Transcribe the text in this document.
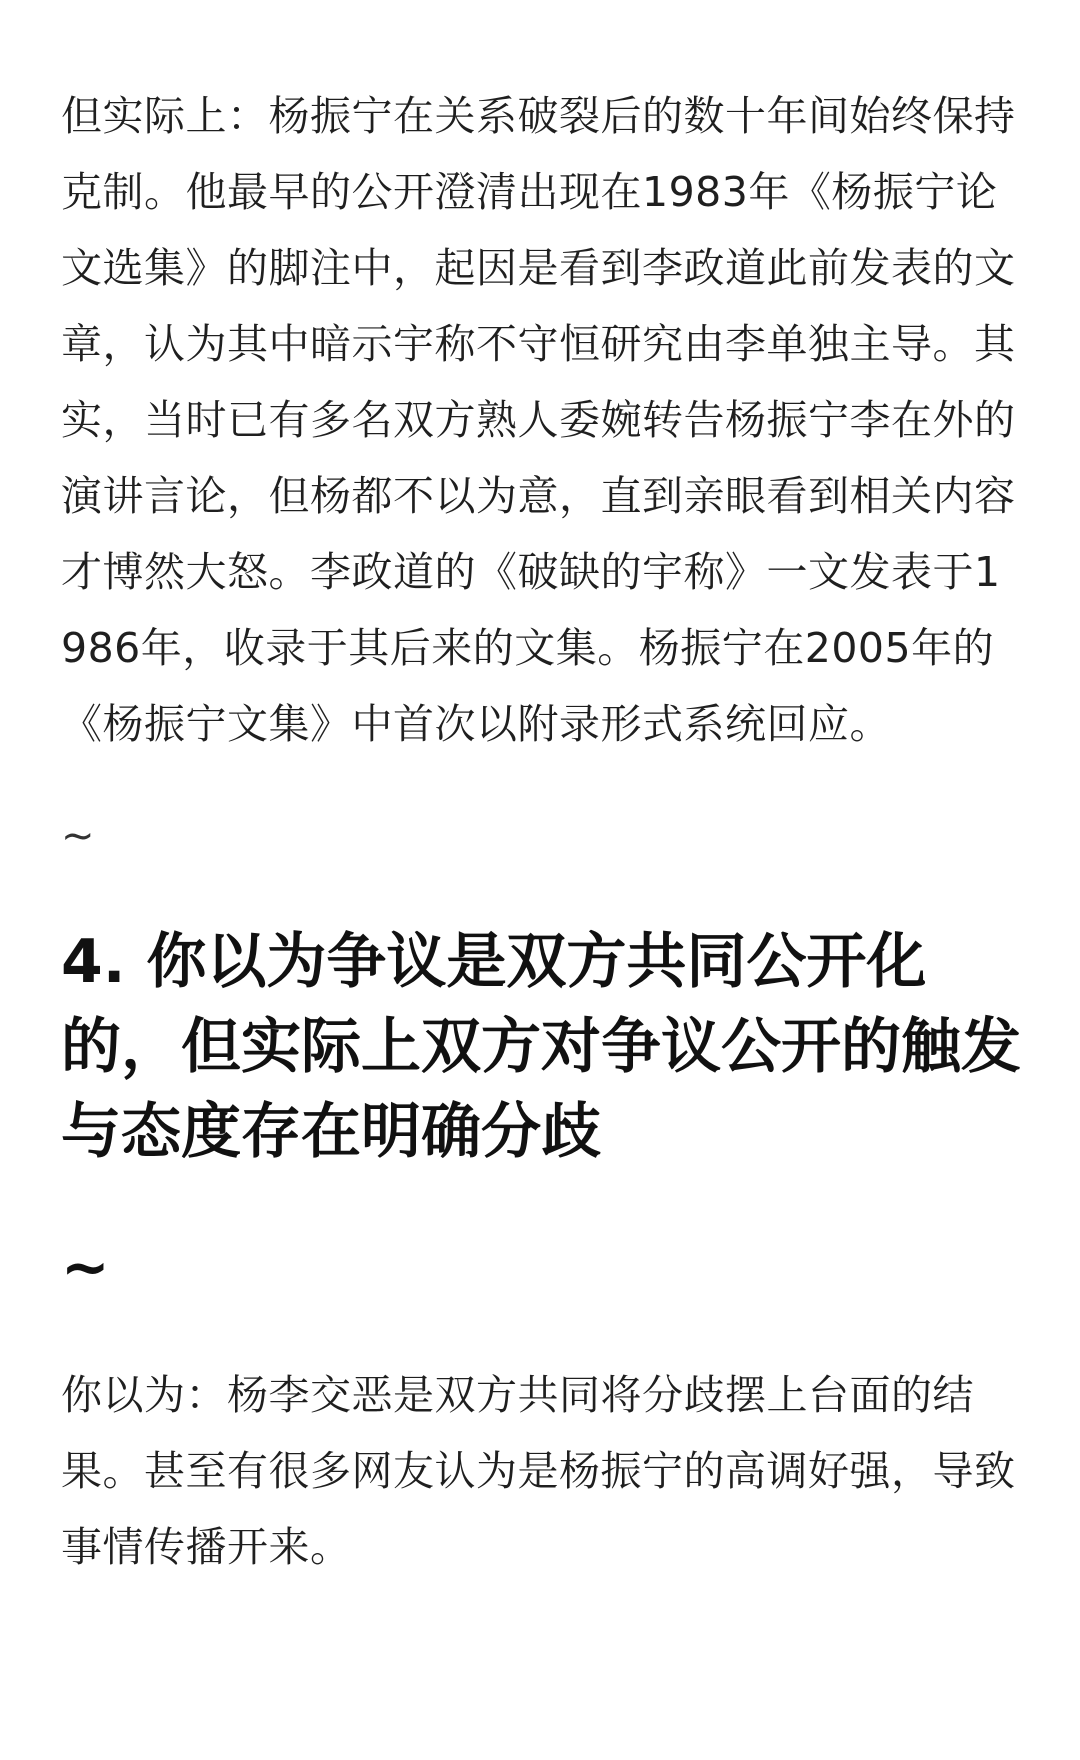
但实际上：杨振宁在关系破裂后的数十年间始终保持克制。他最早的公开澄清出现在1983年《杨振宁论文选集》的脚注中，起因是看到李政道此前发表的文章，认为其中暗示宇称不守恒研究由李单独主导。其实，当时已有多名双方熟人委婉转告杨振宁李在外的演讲言论，但杨都不以为意，直到亲眼看到相关内容才博然大怒。李政道的《破缺的宇称》一文发表于1986年，收录于其后来的文集。杨振宁在2005年的《杨振宁文集》中首次以附录形式系统回应。

~
4. 你以为争议是双方共同公开化的，但实际上双方对争议公开的触发与态度存在明确分歧
~

你以为：杨李交恶是双方共同将分歧摆上台面的结果。甚至有很多网友认为是杨振宁的高调好强，导致事情传播开来。
